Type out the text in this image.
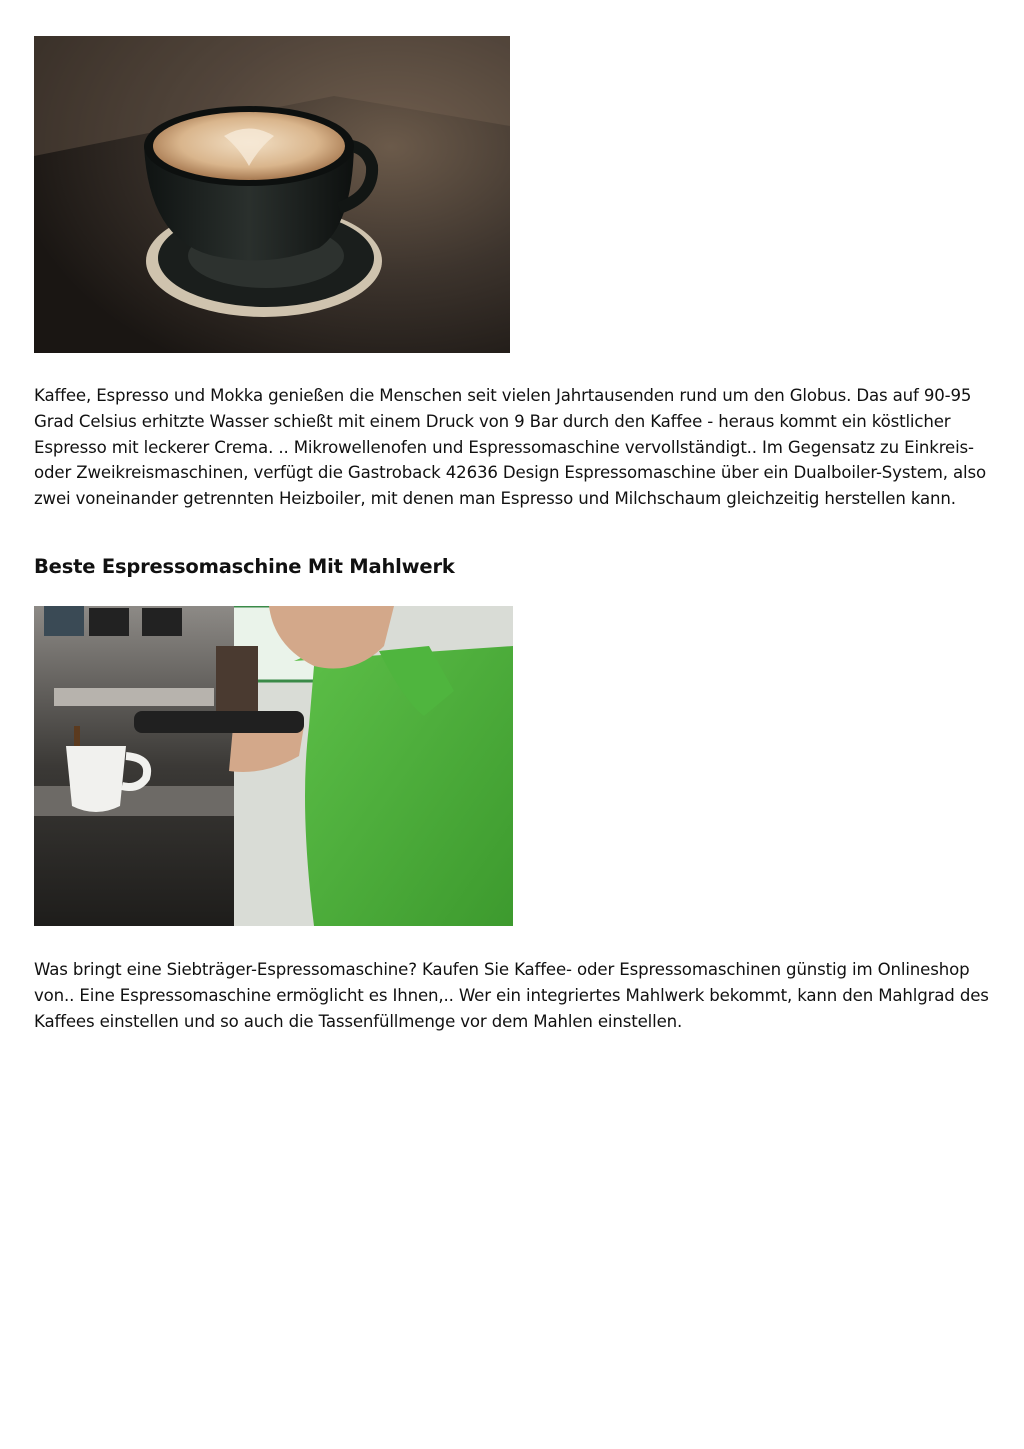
Kaffee, Espresso und Mokka genießen die Menschen seit vielen Jahrtausenden rund um den Globus. Das auf 90-95 Grad Celsius erhitzte Wasser schießt mit einem Druck von 9 Bar durch den Kaffee - heraus kommt ein köstlicher Espresso mit leckerer Crema. .. Mikrowellenofen und Espressomaschine vervollständigt.. Im Gegensatz zu Einkreis- oder Zweikreismaschinen, verfügt die Gastroback 42636 Design Espressomaschine über ein Dualboiler-System, also zwei voneinander getrennten Heizboiler, mit denen man Espresso und Milchschaum gleichzeitig herstellen kann.

Beste Espressomaschine Mit Mahlwerk

Was bringt eine Siebträger-Espressomaschine? Kaufen Sie Kaffee- oder Espressomaschinen günstig im Onlineshop von.. Eine Espressomaschine ermöglicht es Ihnen,.. Wer ein integriertes Mahlwerk bekommt, kann den Mahlgrad des Kaffees einstellen und so auch die Tassenfüllmenge vor dem Mahlen einstellen.
